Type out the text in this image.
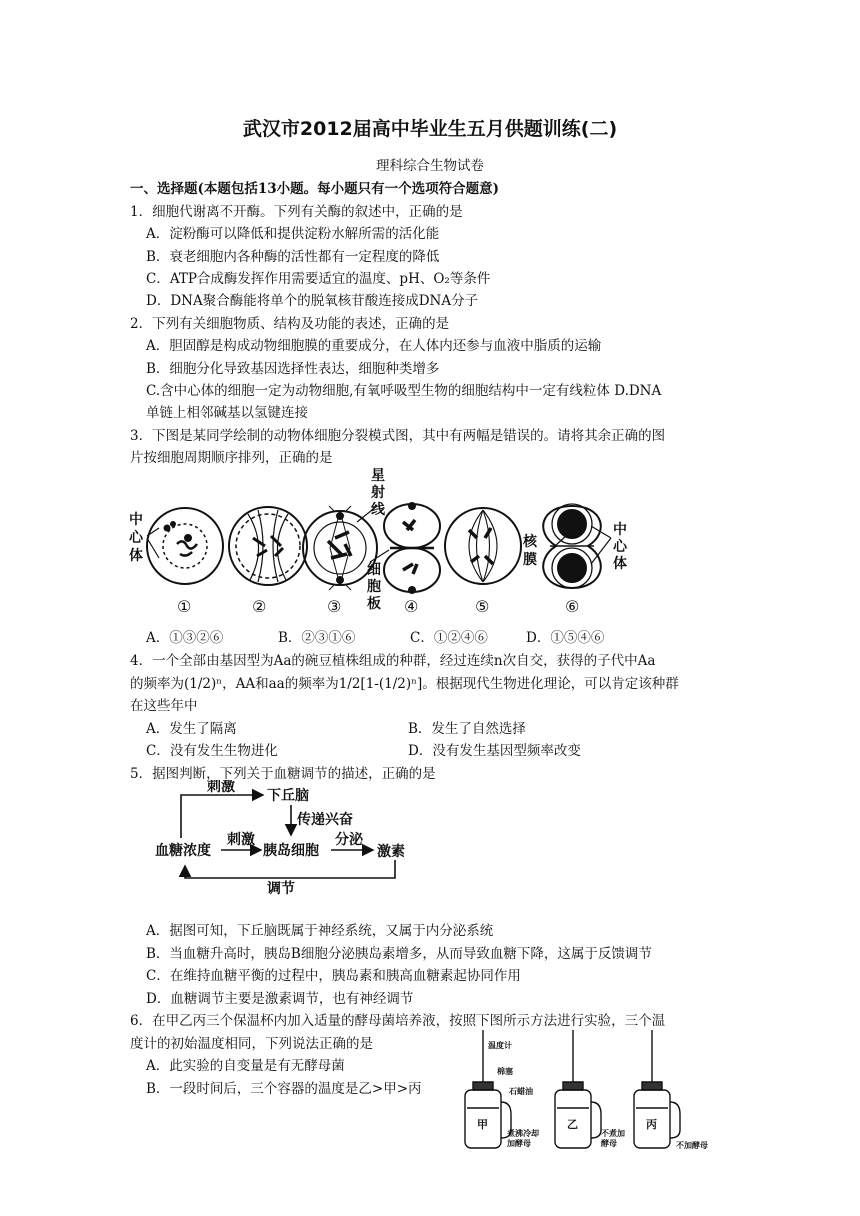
武汉市2012届高中毕业生五月供题训练(二)
理科综合生物试卷
一、选择题(本题包括13小题。每小题只有一个选项符合题意)
1．细胞代谢离不开酶。下列有关酶的叙述中，正确的是
A．淀粉酶可以降低和提供淀粉水解所需的活化能
B．衰老细胞内各种酶的活性都有一定程度的降低
C．ATP合成酶发挥作用需要适宜的温度、pH、O₂等条件
D．DNA聚合酶能将单个的脱氧核苷酸连接成DNA分子
2．下列有关细胞物质、结构及功能的表述，正确的是
A．胆固醇是构成动物细胞膜的重要成分，在人体内还参与血液中脂质的运输
B．细胞分化导致基因选择性表达，细胞种类增多
C.含中心体的细胞一定为动物细胞,有氧呼吸型生物的细胞结构中一定有线粒体 D.DNA
单链上相邻碱基以氢键连接
3．下图是某同学绘制的动物体细胞分裂模式图，其中有两幅是错误的。请将其余正确的图
片按细胞周期顺序排列，正确的是
中
心
体
星
射
线
细
胞
板
核
膜
中
心
体
①	②	③	④	⑤	⑥
A．①③②⑥	B．②③①⑥	C．①②④⑥	D．①⑤④⑥
4．一个全部由基因型为Aa的碗豆植株组成的种群，经过连续n次自交，获得的子代中Aa
的频率为(1/2)ⁿ，AA和aa的频率为1/2[1-(1/2)ⁿ]。根据现代生物进化理论，可以肯定该种群
在这些年中
A．发生了隔离	B．发生了自然选择
C．没有发生生物进化	D．没有发生基因型频率改变
5．据图判断，下列关于血糖调节的描述，正确的是
刺激
下丘脑
传递兴奋
血糖浓度
刺激
胰岛细胞
分泌
激素
调节
A．据图可知，下丘脑既属于神经系统，又属于内分泌系统
B．当血糖升高时，胰岛B细胞分泌胰岛素增多，从而导致血糖下降，这属于反馈调节
C．在维持血糖平衡的过程中，胰岛素和胰高血糖素起协同作用
D．血糖调节主要是激素调节，也有神经调节
6．在甲乙丙三个保温杯内加入适量的酵母菌培养液，按照下图所示方法进行实验，三个温
度计的初始温度相同，下列说法正确的是
A．此实验的自变量是有无酵母菌
B．一段时间后，三个容器的温度是乙>甲>丙
温度计
棉塞
石蜡油
煮沸冷却
加酵母
不煮加
酵母	不加酵母
甲	乙	丙
